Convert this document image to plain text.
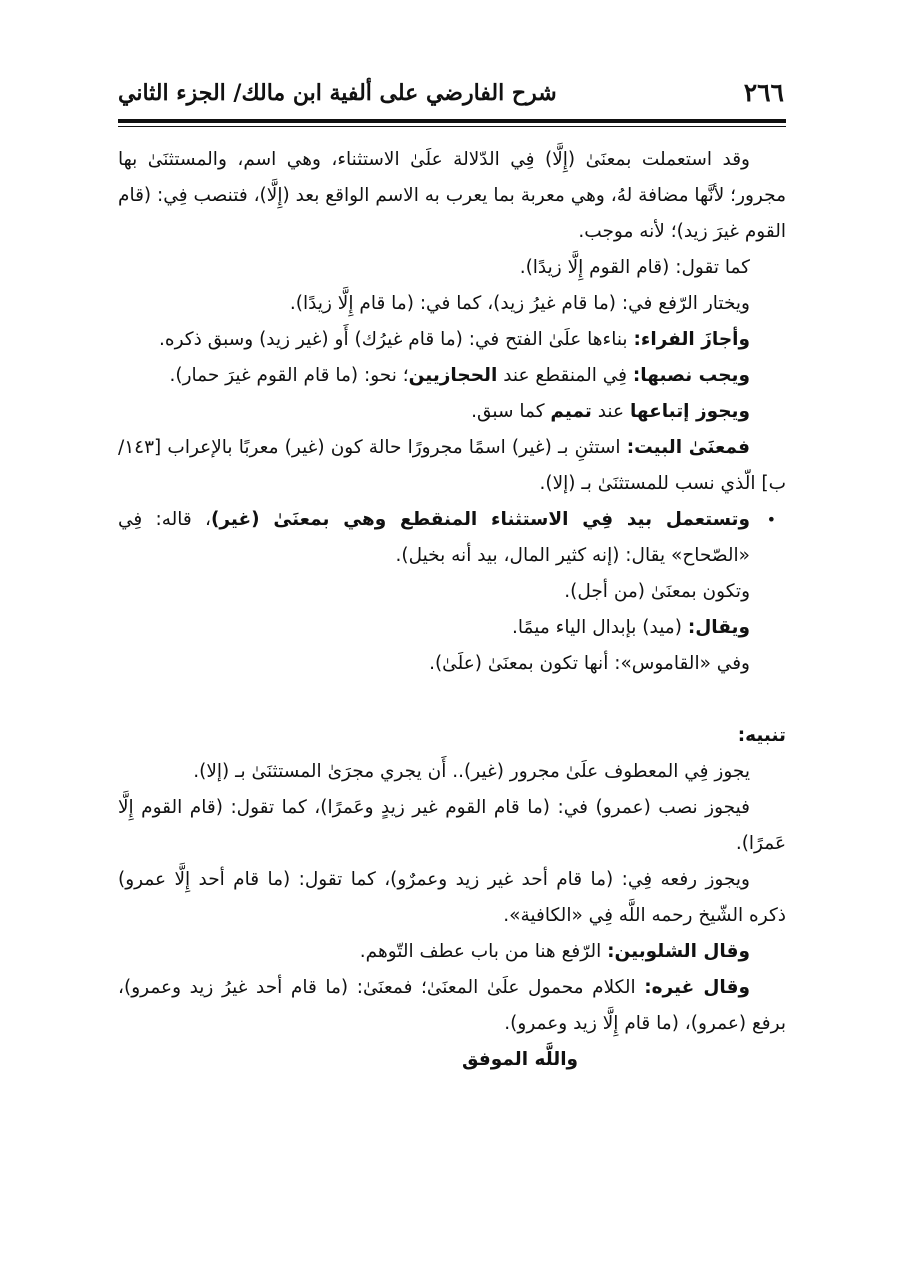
٢٦٦
شرح الفارضي على ألفية ابن مالك/ الجزء الثاني

وقد استعملت بمعنَىٰ (إِلَّا) فِي الدّلالة علَىٰ الاستثناء، وهي اسم، والمستثنَىٰ بها مجرور؛ لأنَّها مضافة لهُ، وهي معربة بما يعرب به الاسم الواقع بعد (إِلَّا)، فتنصب فِي: (قام القوم غيرَ زيد)؛ لأنه موجب.

كما تقول: (قام القوم إِلَّا زيدًا).

ويختار الرّفع في: (ما قام غيرُ زيد)، كما في: (ما قام إِلَّا زيدًا).

وأجازَ الفراء: بناءها علَىٰ الفتح في: (ما قام غيرُك) أَو (غير زيد) وسبق ذكره.

ويجب نصبها: فِي المنقطع عند الحجازيين؛ نحو: (ما قام القوم غيرَ حمار).

ويجوز إتباعها عند تميم كما سبق.

فمعنَىٰ البيت: استثنِ بـ (غير) اسمًا مجرورًا حالة كون (غير) معربًا بالإعراب [١٤٣/ ب] الّذي نسب للمستثنَىٰ بـ (إلا).

•
وتستعمل بيد فِي الاستثناء المنقطع وهي بمعنَىٰ (غير)، قاله: فِي «الصّحاح» يقال: (إنه كثير المال، بيد أنه بخيل).

وتكون بمعنَىٰ (من أجل).

ويقال: (ميد) بإبدال الياء ميمًا.

وفي «القاموس»: أنها تكون بمعنَىٰ (علَىٰ).

تنبيه:

يجوز فِي المعطوف علَىٰ مجرور (غير).. أَن يجري مجرَىٰ المستثنَىٰ بـ (إلا).

فيجوز نصب (عمرو) في: (ما قام القوم غير زيدٍ وعَمرًا)، كما تقول: (قام القوم إِلَّا عَمرًا).

ويجوز رفعه فِي: (ما قام أحد غير زيد وعمرٌو)، كما تقول: (ما قام أحد إِلَّا عمرو) ذكره الشّيخ رحمه اللَّه فِي «الكافية».

وقال الشلوبين: الرّفع هنا من باب عطف التّوهم.

وقال غيره: الكلام محمول علَىٰ المعنَىٰ؛ فمعنَىٰ: (ما قام أحد غيرُ زيد وعمرو)، برفع (عمرو)، (ما قام إِلَّا زيد وعمرو).

واللَّه الموفق
